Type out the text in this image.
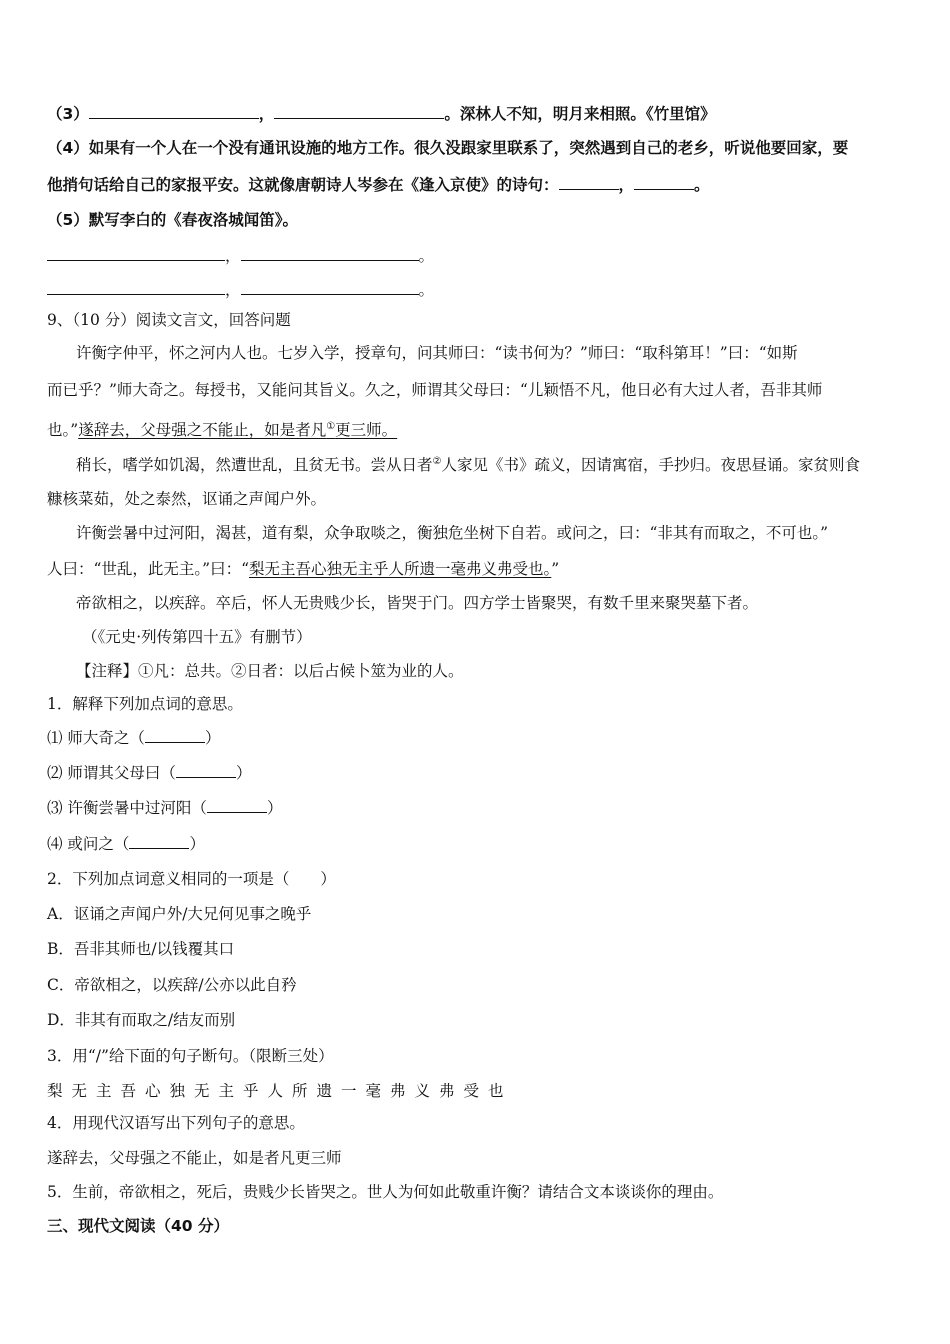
（3）	，	。深林人不知，明月来相照。《竹里馆》
（4）如果有一个人在一个没有通讯设施的地方工作。很久没跟家里联系了，突然遇到自己的老乡，听说他要回家，要
他捎句话给自己的家报平安。这就像唐朝诗人岑参在《逢入京使》的诗句：	，	。
（5）默写李白的《春夜洛城闻笛》。
，	。
，	。
9、（10 分）阅读文言文，回答问题
许衡字仲平，怀之河内人也。七岁入学，授章句，问其师曰：“读书何为？”师曰：“取科第耳！”曰：“如斯
而已乎？”师大奇之。每授书，又能问其旨义。久之，师谓其父母曰：“儿颖悟不凡，他日必有大过人者，吾非其师
也。”遂辞去，父母强之不能止，如是者凡①更三师。
稍长，嗜学如饥渴，然遭世乱，且贫无书。尝从日者②人家见《书》疏义，因请寓宿，手抄归。夜思昼诵。家贫则食
糠核菜茹，处之泰然，讴诵之声闻户外。
许衡尝暑中过河阳，渴甚，道有梨，众争取啖之，衡独危坐树下自若。或问之，曰：“非其有而取之，不可也。”
人曰：“世乱，此无主。”曰：“梨无主吾心独无主乎人所遗一毫弗义弗受也。”
帝欲相之，以疾辞。卒后，怀人无贵贱少长，皆哭于门。四方学士皆聚哭，有数千里来聚哭墓下者。
（《元史·列传第四十五》有删节）
【注释】①凡：总共。②日者：以后占候卜筮为业的人。
1．解释下列加点词的意思。
⑴ 师大奇之（	）
⑵ 师谓其父母曰（	）
⑶ 许衡尝暑中过河阳（	）
⑷ 或问之（	）
2．下列加点词意义相同的一项是（　　）
A．讴诵之声闻户外/大兄何见事之晚乎
B．吾非其师也/以钱覆其口
C．帝欲相之，以疾辞/公亦以此自矜
D．非其有而取之/结友而别
3．用“/”给下面的句子断句。（限断三处）
梨无主吾心独无主乎人所遗一毫弗义弗受也
4．用现代汉语写出下列句子的意思。
遂辞去，父母强之不能止，如是者凡更三师
5．生前，帝欲相之，死后，贵贱少长皆哭之。世人为何如此敬重许衡？请结合文本谈谈你的理由。
三、现代文阅读（40 分）
